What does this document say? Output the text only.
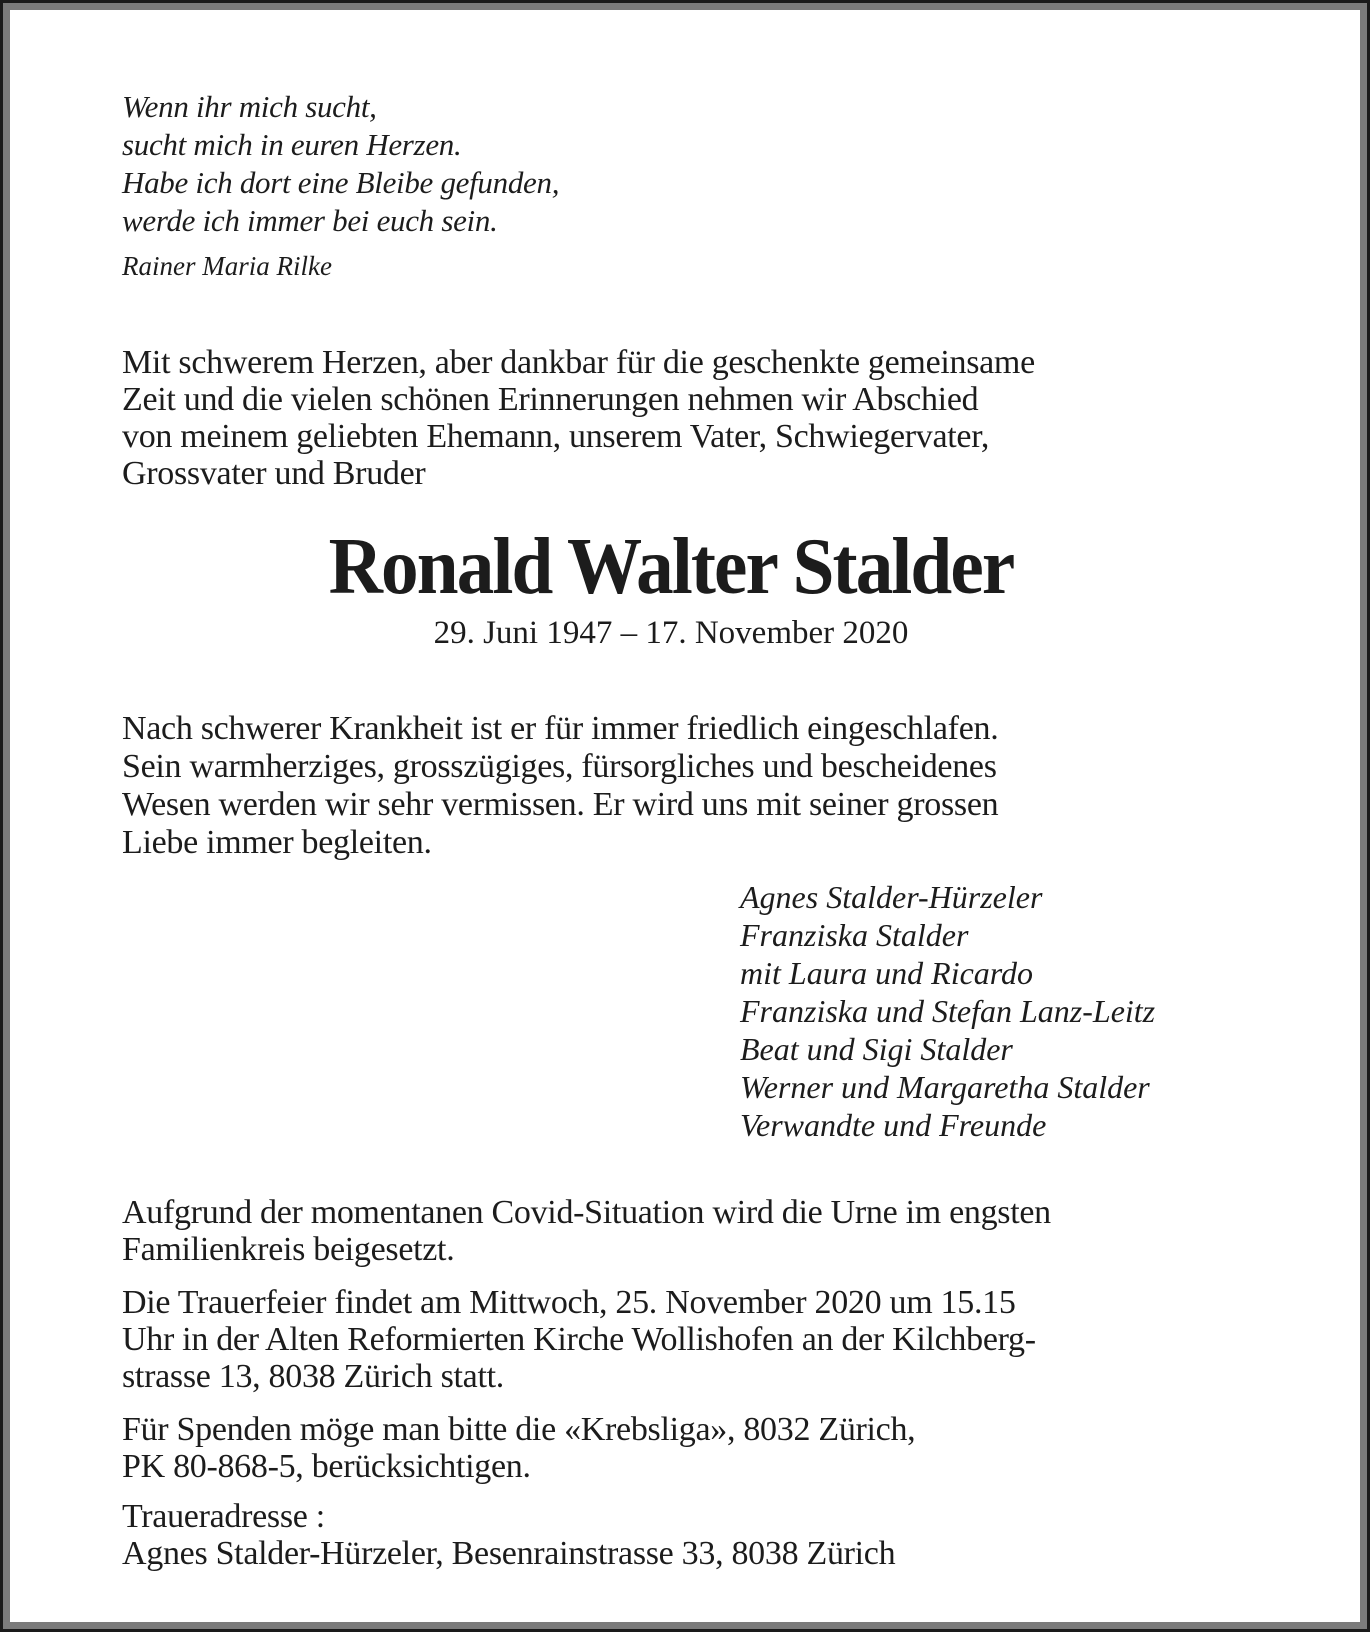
Wenn ihr mich sucht,
sucht mich in euren Herzen.
Habe ich dort eine Bleibe gefunden,
werde ich immer bei euch sein.
Rainer Maria Rilke
Mit schwerem Herzen, aber dankbar für die geschenkte gemeinsame
Zeit und die vielen schönen Erinnerungen nehmen wir Abschied
von meinem geliebten Ehemann, unserem Vater, Schwiegervater,
Grossvater und Bruder
Ronald Walter Stalder
29. Juni 1947 – 17. November 2020
Nach schwerer Krankheit ist er für immer friedlich eingeschlafen.
Sein warmherziges, grosszügiges, fürsorgliches und bescheidenes
Wesen werden wir sehr vermissen. Er wird uns mit seiner grossen
Liebe immer begleiten.
Agnes Stalder-Hürzeler
Franziska Stalder
mit Laura und Ricardo
Franziska und Stefan Lanz-Leitz
Beat und Sigi Stalder
Werner und Margaretha Stalder
Verwandte und Freunde
Aufgrund der momentanen Covid-Situation wird die Urne im engsten
Familienkreis beigesetzt.
Die Trauerfeier findet am Mittwoch, 25. November 2020 um 15.15
Uhr in der Alten Reformierten Kirche Wollishofen an der Kilchberg-
strasse 13, 8038 Zürich statt.
Für Spenden möge man bitte die «Krebsliga», 8032 Zürich,
PK 80-868-5, berücksichtigen.
Traueradresse :
Agnes Stalder-Hürzeler, Besenrainstrasse 33, 8038 Zürich
